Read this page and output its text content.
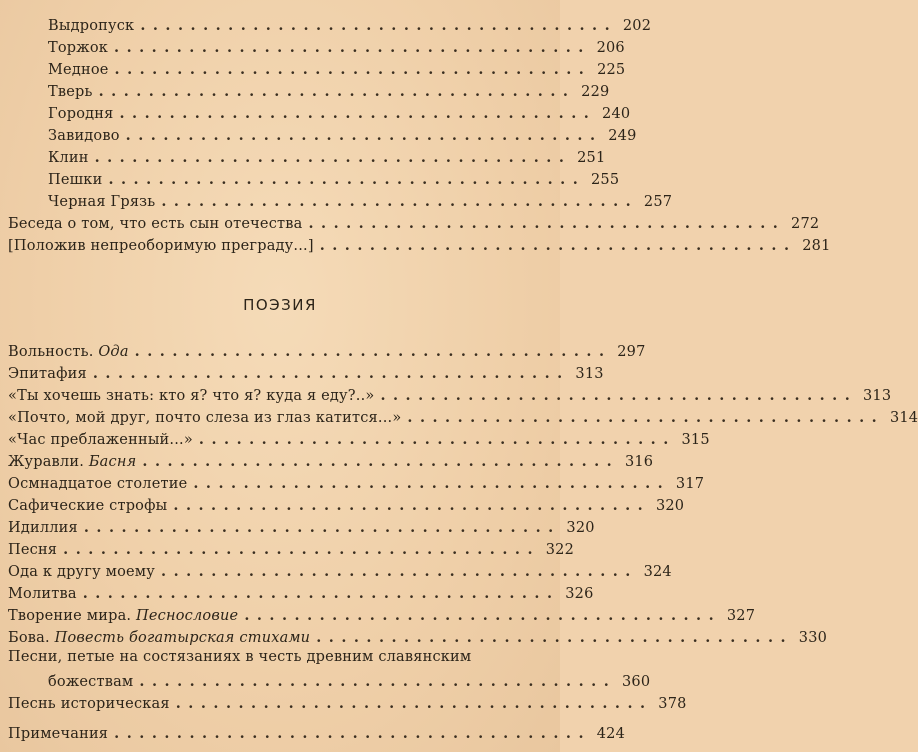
Выдропуск ...................................... 202
Торжок ...................................... 206
Медное ...................................... 225
Тверь ...................................... 229
Городня ...................................... 240
Завидово ...................................... 249
Клин ...................................... 251
Пешки ...................................... 255
Черная Грязь ...................................... 257
Беседа о том, что есть сын отечества ...................................... 272
[Положив непреоборимую преграду...] ...................................... 281
ПОЭЗИЯ
Вольность. Ода ...................................... 297
Эпитафия ...................................... 313
«Ты хочешь знать: кто я? что я? куда я еду?..» ...................................... 313
«Почто, мой друг, почто слеза из глаз катится...» ...................................... 314
«Час преблаженный...» ...................................... 315
Журавли. Басня ...................................... 316
Осмнадцатое столетие ...................................... 317
Сафические строфы ...................................... 320
Идиллия ...................................... 320
Песня ...................................... 322
Ода к другу моему ...................................... 324
Молитва ...................................... 326
Творение мира. Песнословие ...................................... 327
Бова. Повесть богатырская стихами ...................................... 330
Песни, петые на состязаниях в честь древним славянским
божествам ...................................... 360
Песнь историческая ...................................... 378
Примечания ...................................... 424
